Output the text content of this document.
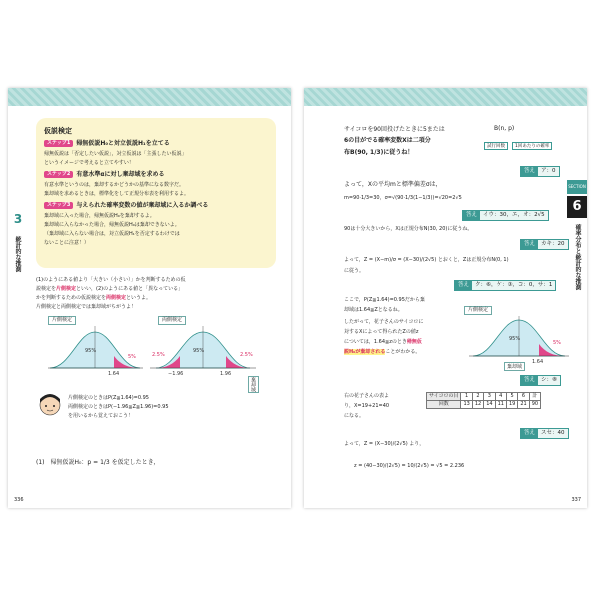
3
統計的な推測
仮説検定
ステップ1 帰無仮説H₀と対立仮説H₁を立てる
帰無仮説は「否定したい仮説」，対立仮説は「主張したい仮説」
というイメージで考えると立てやすい！
ステップ2 有意水準αに対し棄却域を求める
有意水準というのは，棄却するかどうかの基準になる数字だ。
棄却域を求めるときは，標準化をして正規分布表を利用するよ。
ステップ3 与えられた確率変数の値が棄却域に入るか調べる
棄却域に入った場合，帰無仮説H₀を棄却するよ。
棄却域に入らなかった場合，帰無仮説H₀は棄却できないよ。
（棄却域に入らない場合は，対立仮説H₁を否定するわけでは
ないことに注意！）
(1)のようにある値より「大きい（小さい）」かを判断するための仮
説検定を片側検定といい，(2)のようにある値と「異なっている」
かを判断するための仮説検定を両側検定というよ。
片側検定と両側検定では棄却域がちがうよ！
片側検定
95%
5%
1.64
両側検定
95%
2.5%	2.5%
−1.96	1.96
棄却域
片側検定のときはP(Z≦1.64)=0.95
両側検定のときはP(−1.96≦Z≦1.96)=0.95
を用いるから覚えておこう！
(1)　帰無仮説H₀：p = 1/3 を仮定したとき，
336
SECTION
6
確率分布と統計的な推測
サイコロを90回投げたときに5または
6の目がでる確率変数Xは二項分
布B(90, 1/3)に従うね！
B(n, p)
試行回数	1回あたりの確率
答え ア：0
よって，Xの平均mと標準偏差σは，
m=90·1/3=30，σ=√(90·1/3(1−1/3))=√20=2√5
答え イウ：30，エ，オ：2√5
90は十分大きいから，Xは正規分布N(30, 20)に従うね。
答え カキ：20
よって，Z = (X−m)/σ = (X−30)/(2√5) とおくと，Zは正規分布N(0, 1)
に従う。
答え ク：⑥，ケ：③，コ：0，サ：1
ここで，P(Z≦1.64)=0.95だから棄
却域は1.64≦Zとなるね。
したがって，花子さんのサイコロに
対するXによって得られたZの値z
については，1.64≦zのとき帰無仮
説H₀が棄却されることがわかる。
片側検定
95%
5%
1.64
棄却域
答え シ：⑧
右の花子さんの表よ
り，X=19+21=40
になる。
サイコロの目	1	2	3	4	5	6	計
回数	13	12	14	11	19	21	90
答え スセ：40
よって，Z = (X−30)/(2√5) より，
z = (40−30)/(2√5) = 10/(2√5) = √5 = 2.236
337
